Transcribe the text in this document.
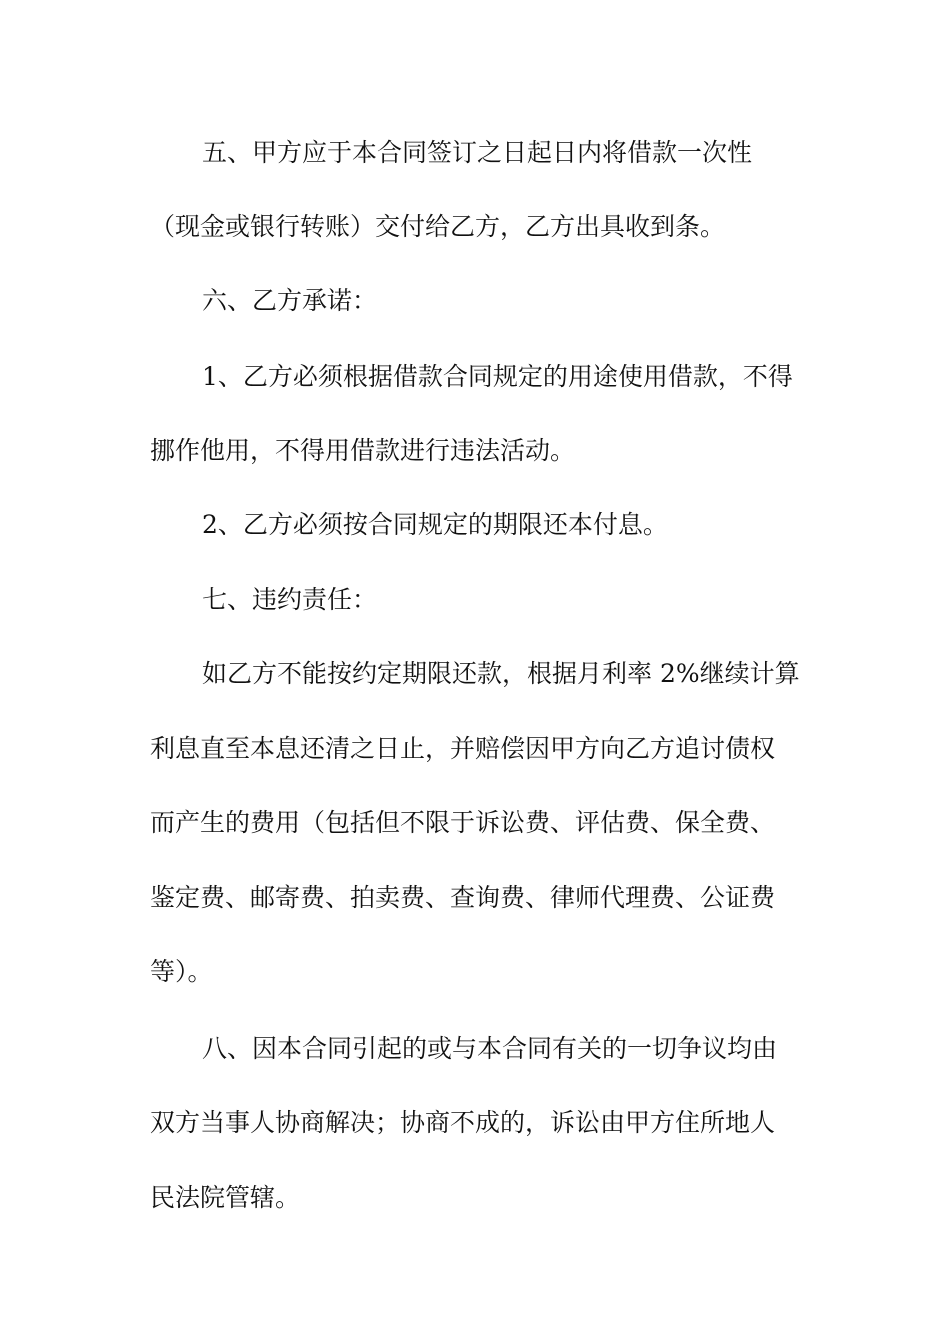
五、甲方应于本合同签订之日起日内将借款一次性
（现金或银行转账）交付给乙方，乙方出具收到条。
六、乙方承诺：
1、乙方必须根据借款合同规定的用途使用借款，不得
挪作他用，不得用借款进行违法活动。
2、乙方必须按合同规定的期限还本付息。
七、违约责任：
如乙方不能按约定期限还款，根据月利率 2%继续计算
利息直至本息还清之日止，并赔偿因甲方向乙方追讨债权
而产生的费用（包括但不限于诉讼费、评估费、保全费、
鉴定费、邮寄费、拍卖费、查询费、律师代理费、公证费
等）。
八、因本合同引起的或与本合同有关的一切争议均由
双方当事人协商解决；协商不成的，诉讼由甲方住所地人
民法院管辖。
